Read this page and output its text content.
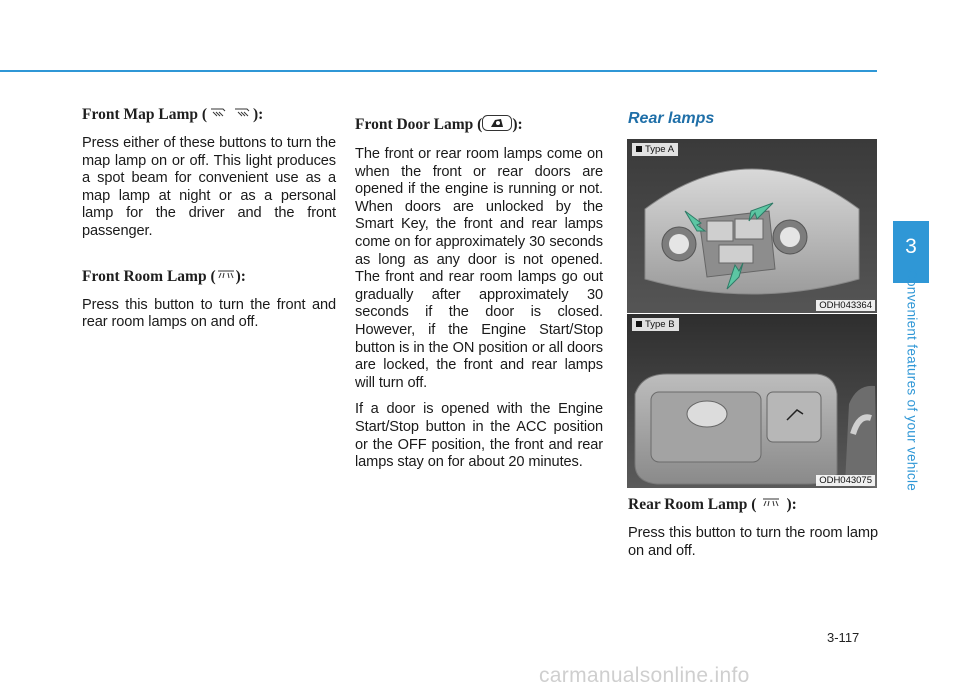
Front Map Lamp (	):

Press either of these buttons to turn the map lamp on or off. This light produces a spot beam for convenient use as a map lamp at night or as a personal lamp for the driver and the front passenger.

Front Room Lamp ( ):

Press this button to turn the front and rear room lamps on and off.

Front Door Lamp ( ):

The front or rear room lamps come on when the front or rear doors are opened if the engine is running or not. When doors are unlocked by the Smart Key, the front and rear lamps come on for approximately 30 seconds as long as any door is not opened. The front and rear room lamps go out gradually after approximately 30 seconds if the door is closed. However, if the Engine Start/Stop button is in the ON position or all doors are locked, the front and rear lamps will turn off.

If a door is opened with the Engine Start/Stop button in the ACC position or the OFF position, the front and rear lamps stay on for about 20 minutes.

Rear lamps
Type A
ODH043364
Type B
ODH043075
Rear Room Lamp ( ):

Press this button to turn the room lamp on and off.

3
Convenient features of your vehicle
3-117
carmanualsonline.info
